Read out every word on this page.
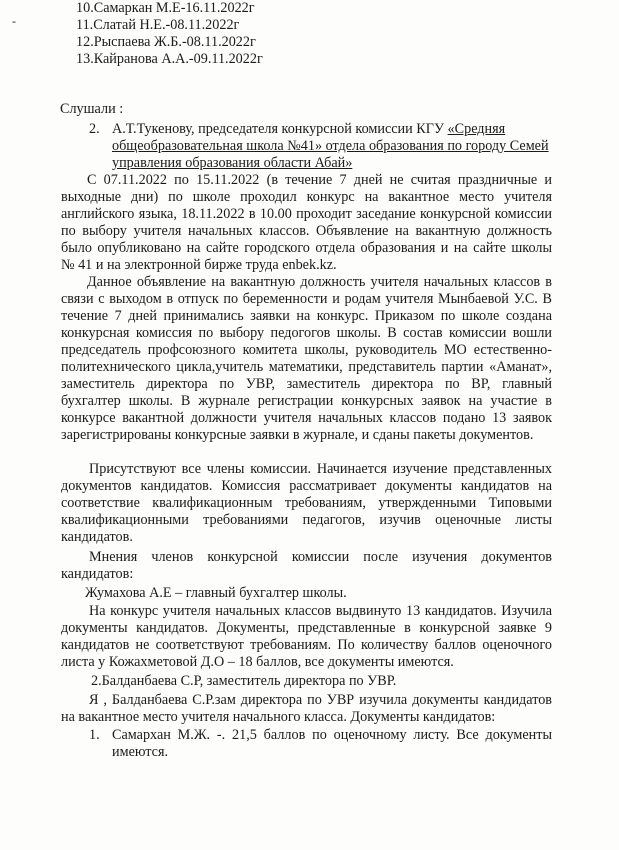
-
10.Самаркан М.Е-16.11.2022г
11.Слатай Н.Е.-08.11.2022г
12.Рыспаева Ж.Б.-08.11.2022г
13.Кайранова А.А.-09.11.2022г
Слушали :
2. А.Т.Тукенову, председателя конкурсной комиссии КГУ «Средняя
общеобразовательная школа №41» отдела образования по городу Семей
управления образования области Абай»
С 07.11.2022 по 15.11.2022 (в течение 7 дней не считая праздничные и
выходные дни) по школе проходил конкурс на вакантное место учителя
английского языка, 18.11.2022 в 10.00 проходит заседание конкурсной комиссии
по выбору учителя начальных классов. Объявление на вакантную должность
было опубликовано на сайте городского отдела образования и на сайте школы
№ 41 и на электронной бирже труда enbek.kz.
Данное объявление на вакантную должность учителя начальных классов в
связи с выходом в отпуск по беременности и родам учителя Мынбаевой У.С. В
течение 7 дней принимались заявки на конкурс. Приказом по школе создана
конкурсная комиссия по выбору педогогов школы. В состав комиссии вошли
председатель профсоюзного комитета школы, руководитель МО естественно-
политехнического цикла,учитель математики, представитель партии «Аманат»,
заместитель директора по УВР, заместитель директора по ВР, главный
бухгалтер школы. В журнале регистрации конкурсных заявок на участие в
конкурсе вакантной должности учителя начальных классов подано 13 заявок
зарегистрированы конкурсные заявки в журнале, и сданы пакеты документов.
Присутствуют все члены комиссии. Начинается изучение представленных
документов кандидатов. Комиссия рассматривает документы кандидатов на
соответствие квалификационным требованиям, утвержденными Типовыми
квалификационными требованиями педагогов, изучив оценочные листы
кандидатов.
Мнения членов конкурсной комиссии после изучения документов
кандидатов:
Жумахова А.Е – главный бухгалтер школы.
На конкурс учителя начальных классов выдвинуто 13 кандидатов. Изучила
документы кандидатов. Документы, представленные в конкурсной заявке 9
кандидатов не соответствуют требованиям. По количеству баллов оценочного
листа у Кожахметовой Д.О – 18 баллов, все документы имеются.
2.Балданбаева С.Р, заместитель директора по УВР.
Я , Балданбаева С.Р.зам директора по УВР изучила документы кандидатов
на вакантное место учителя начального класса. Документы кандидатов:
1. Самархан М.Ж. -. 21,5 баллов по оценочному листу. Все документы
имеются.
